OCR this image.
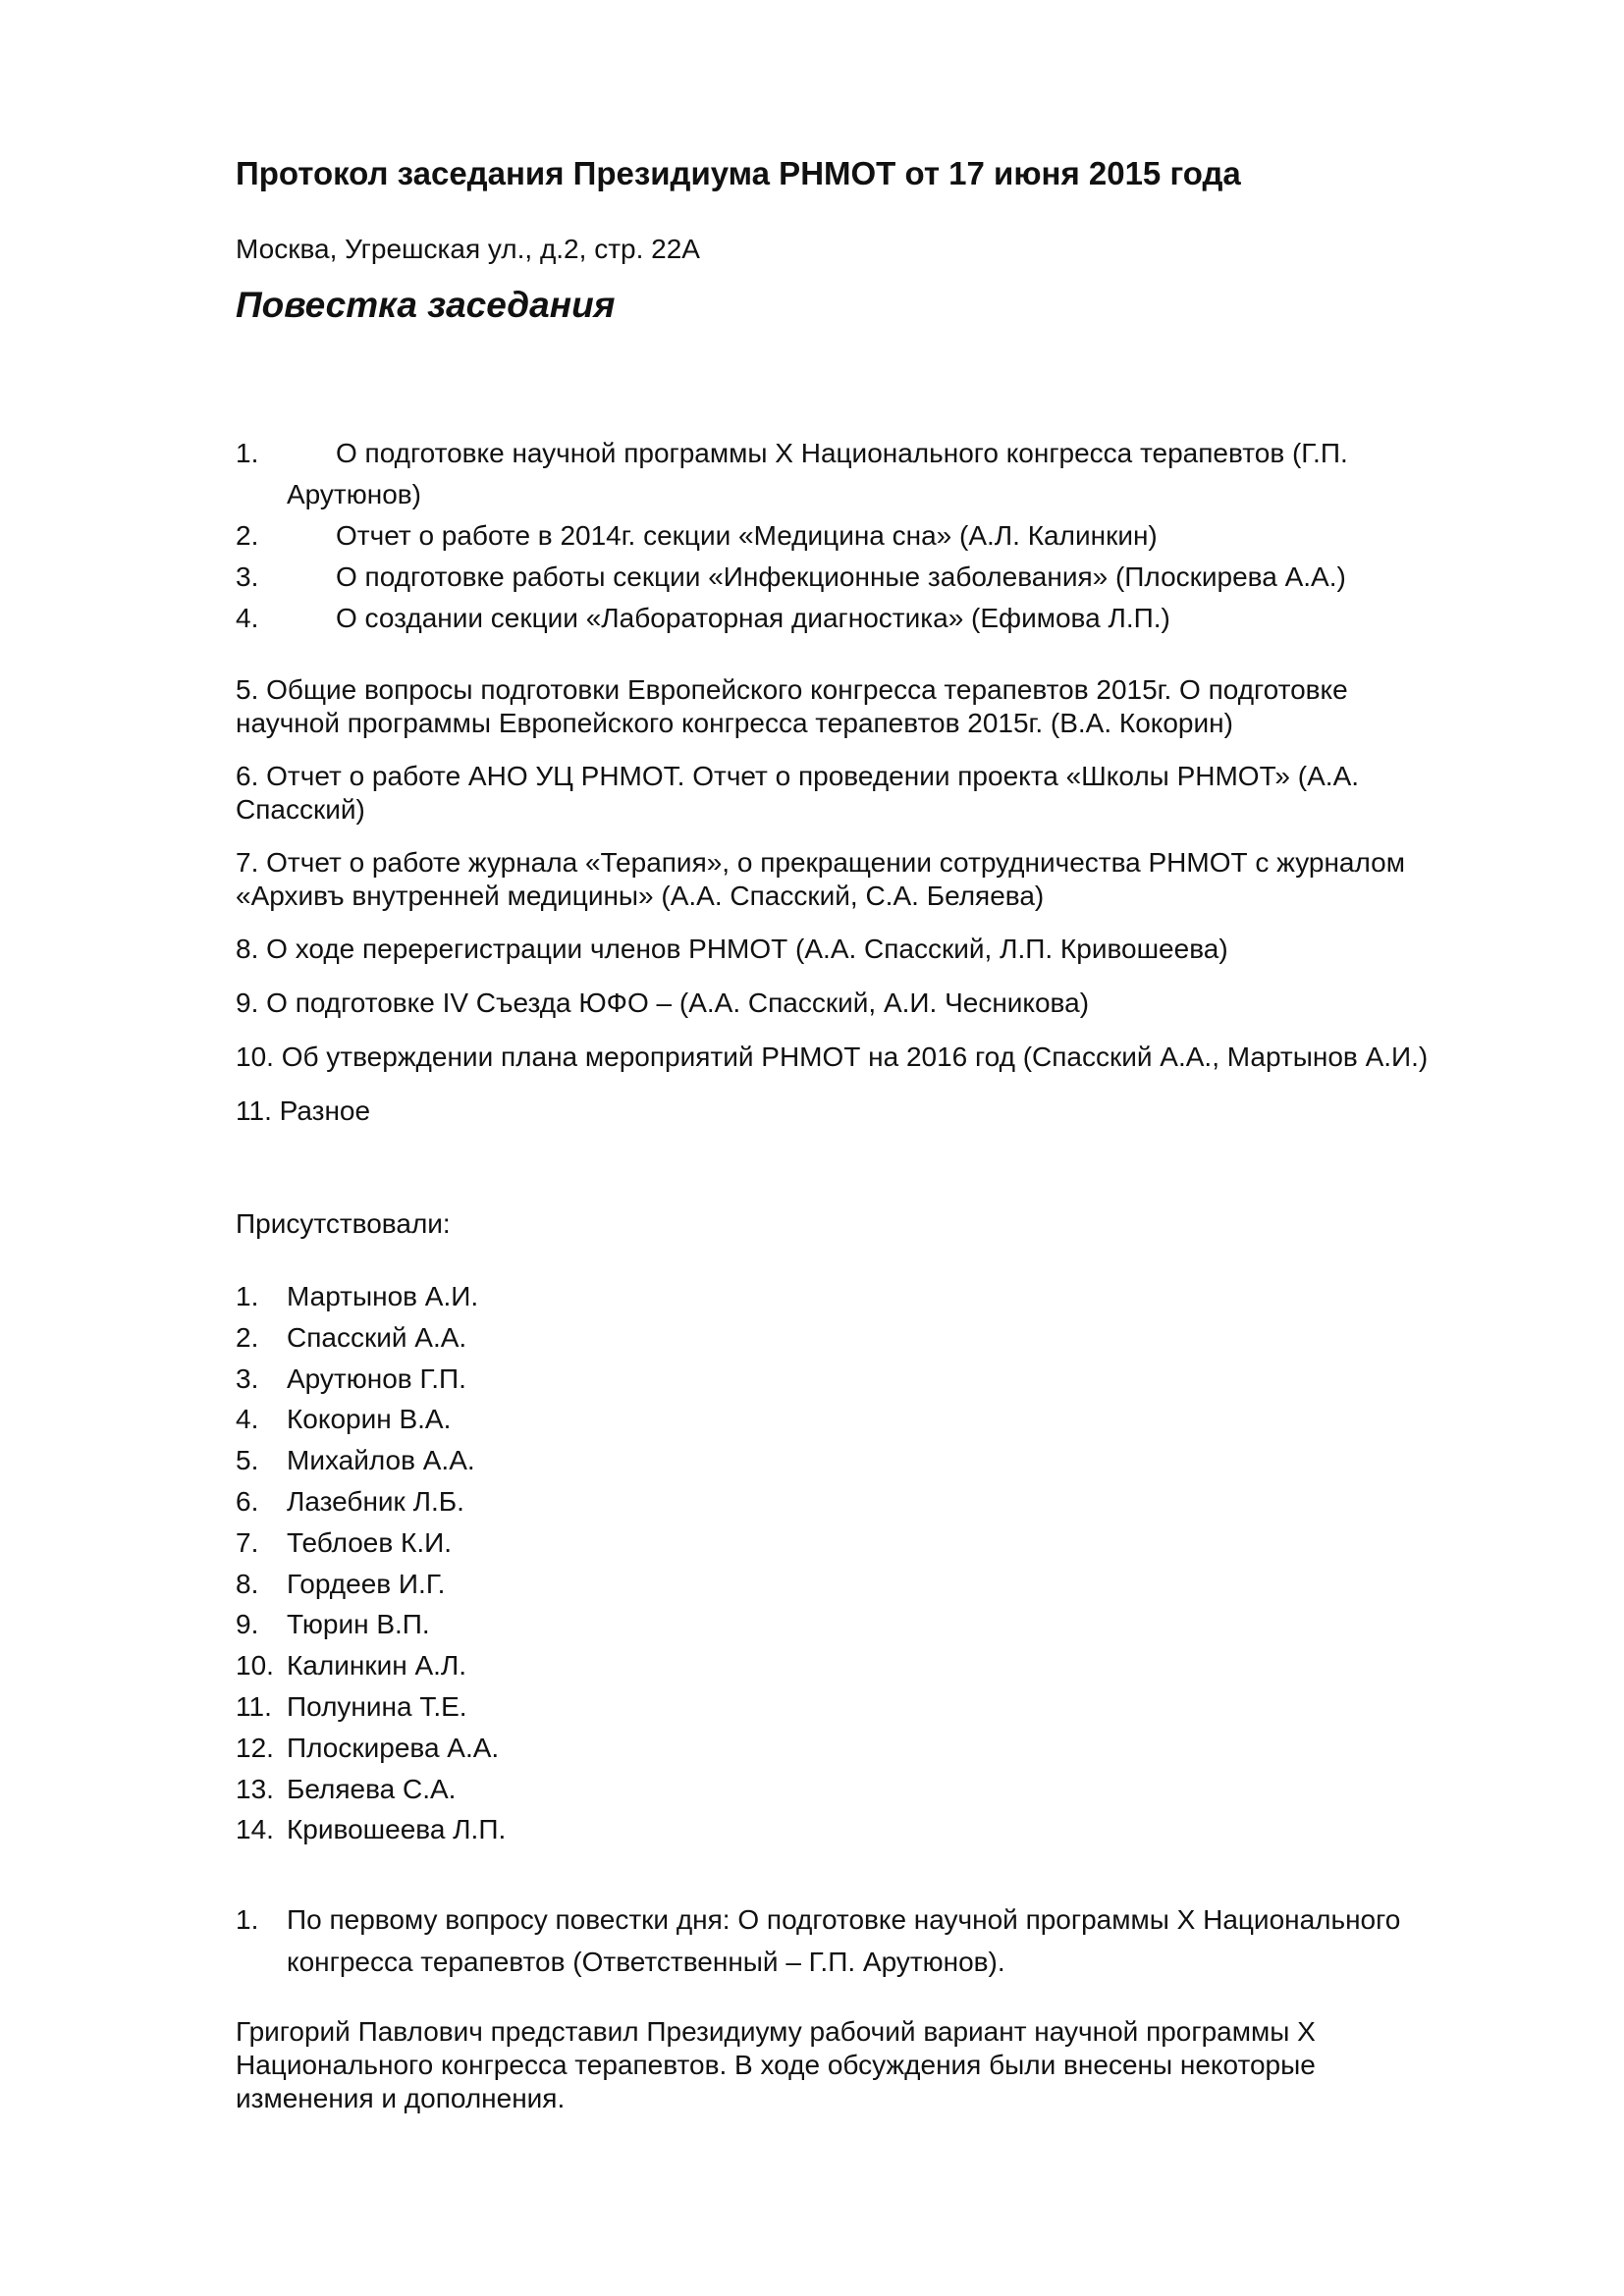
Протокол заседания Президиума РНМОТ от 17 июня 2015 года
Москва, Угрешская ул., д.2, стр. 22А
Повестка заседания
1.	О подготовке научной программы Х Национального конгресса терапевтов (Г.П.
Арутюнов)
2.	Отчет о работе в 2014г. секции «Медицина сна» (А.Л. Калинкин)
3.	О подготовке работы секции «Инфекционные заболевания» (Плоскирева А.А.)
4.	О создании секции «Лабораторная диагностика» (Ефимова Л.П.)
5. Общие вопросы подготовки Европейского конгресса терапевтов 2015г. О подготовке
научной программы Европейского конгресса терапевтов 2015г. (В.А. Кокорин)
6. Отчет о работе АНО УЦ РНМОТ. Отчет о проведении проекта «Школы РНМОТ» (А.А.
Спасский)
7. Отчет о работе журнала «Терапия», о прекращении сотрудничества РНМОТ с журналом
«Архивъ внутренней медицины» (А.А. Спасский, С.А. Беляева)
8. О ходе перерегистрации членов РНМОТ (А.А. Спасский, Л.П. Кривошеева)
9. О подготовке IV Съезда ЮФО – (А.А. Спасский, А.И. Чесникова)
10. Об утверждении плана мероприятий РНМОТ на 2016 год (Спасский А.А., Мартынов А.И.)
11. Разное
Присутствовали:
1. Мартынов А.И.
2. Спасский А.А.
3. Арутюнов Г.П.
4. Кокорин В.А.
5. Михайлов А.А.
6. Лазебник Л.Б.
7. Теблоев К.И.
8. Гордеев И.Г.
9. Тюрин В.П.
10. Калинкин А.Л.
11. Полунина Т.Е.
12. Плоскирева А.А.
13. Беляева С.А.
14. Кривошеева Л.П.
1. По первому вопросу повестки дня: О подготовке научной программы Х Национального
конгресса терапевтов (Ответственный – Г.П. Арутюнов).
Григорий Павлович представил Президиуму рабочий вариант научной программы Х
Национального конгресса терапевтов. В ходе обсуждения были внесены некоторые
изменения и дополнения.
